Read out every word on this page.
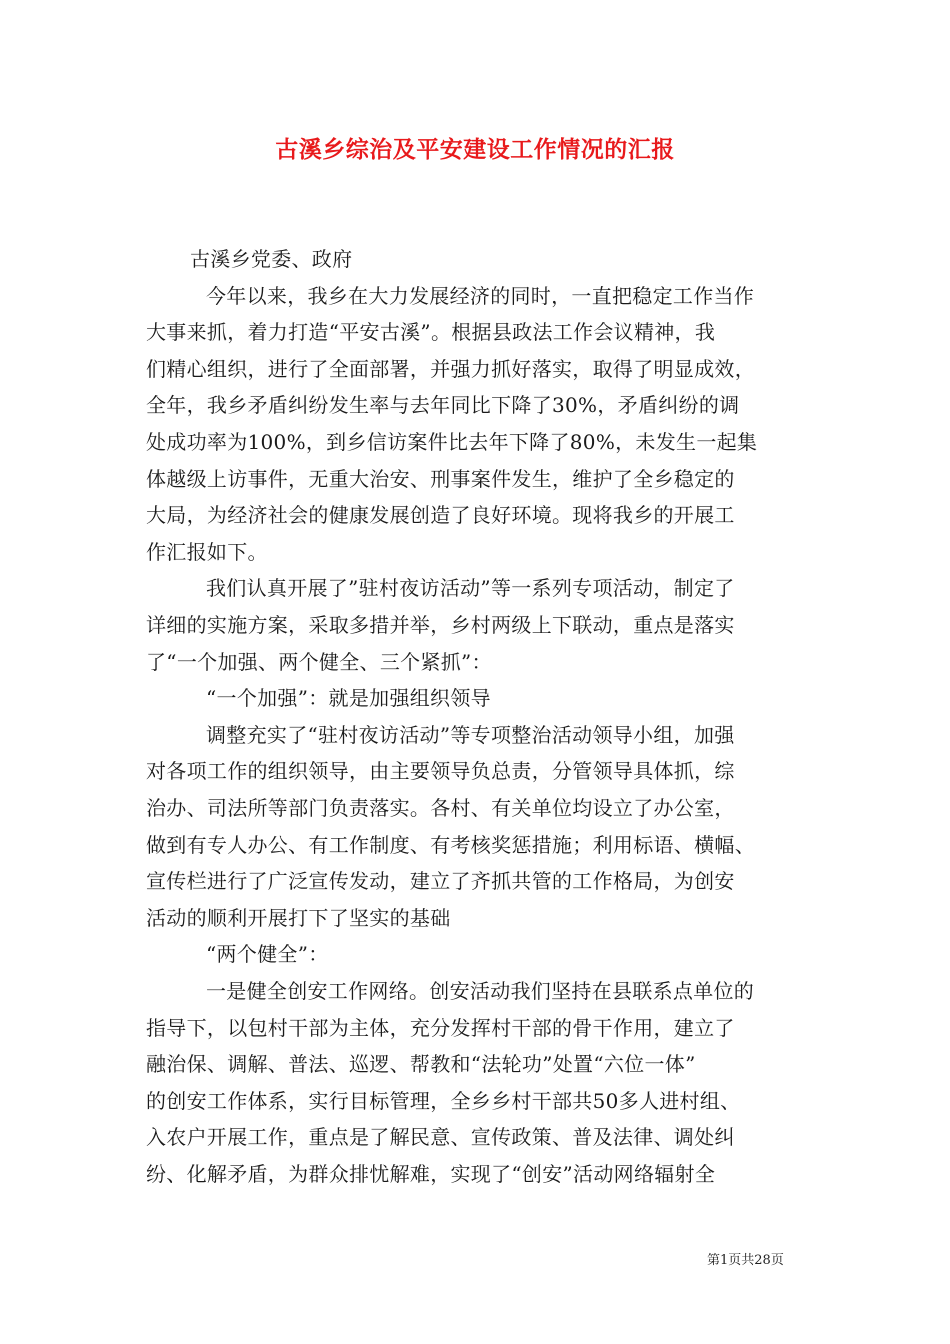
古溪乡综治及平安建设工作情况的汇报
古溪乡党委、政府
今年以来，我乡在大力发展经济的同时，一直把稳定工作当作
大事来抓，着力打造“平安古溪”。根据县政法工作会议精神，我
们精心组织，进行了全面部署，并强力抓好落实，取得了明显成效，
全年，我乡矛盾纠纷发生率与去年同比下降了30%，矛盾纠纷的调
处成功率为100%，到乡信访案件比去年下降了80%，未发生一起集
体越级上访事件，无重大治安、刑事案件发生，维护了全乡稳定的
大局，为经济社会的健康发展创造了良好环境。现将我乡的开展工
作汇报如下。
我们认真开展了”驻村夜访活动”等一系列专项活动，制定了
详细的实施方案，采取多措并举，乡村两级上下联动，重点是落实
了“一个加强、两个健全、三个紧抓”：
“一个加强”：就是加强组织领导
调整充实了“驻村夜访活动”等专项整治活动领导小组，加强
对各项工作的组织领导，由主要领导负总责，分管领导具体抓，综
治办、司法所等部门负责落实。各村、有关单位均设立了办公室，
做到有专人办公、有工作制度、有考核奖惩措施；利用标语、横幅、
宣传栏进行了广泛宣传发动，建立了齐抓共管的工作格局，为创安
活动的顺利开展打下了坚实的基础
“两个健全”：
一是健全创安工作网络。创安活动我们坚持在县联系点单位的
指导下，以包村干部为主体，充分发挥村干部的骨干作用，建立了
融治保、调解、普法、巡逻、帮教和“法轮功”处置“六位一体”
的创安工作体系，实行目标管理，全乡乡村干部共50多人进村组、
入农户开展工作，重点是了解民意、宣传政策、普及法律、调处纠
纷、化解矛盾，为群众排忧解难，实现了“创安”活动网络辐射全
第1页共28页
